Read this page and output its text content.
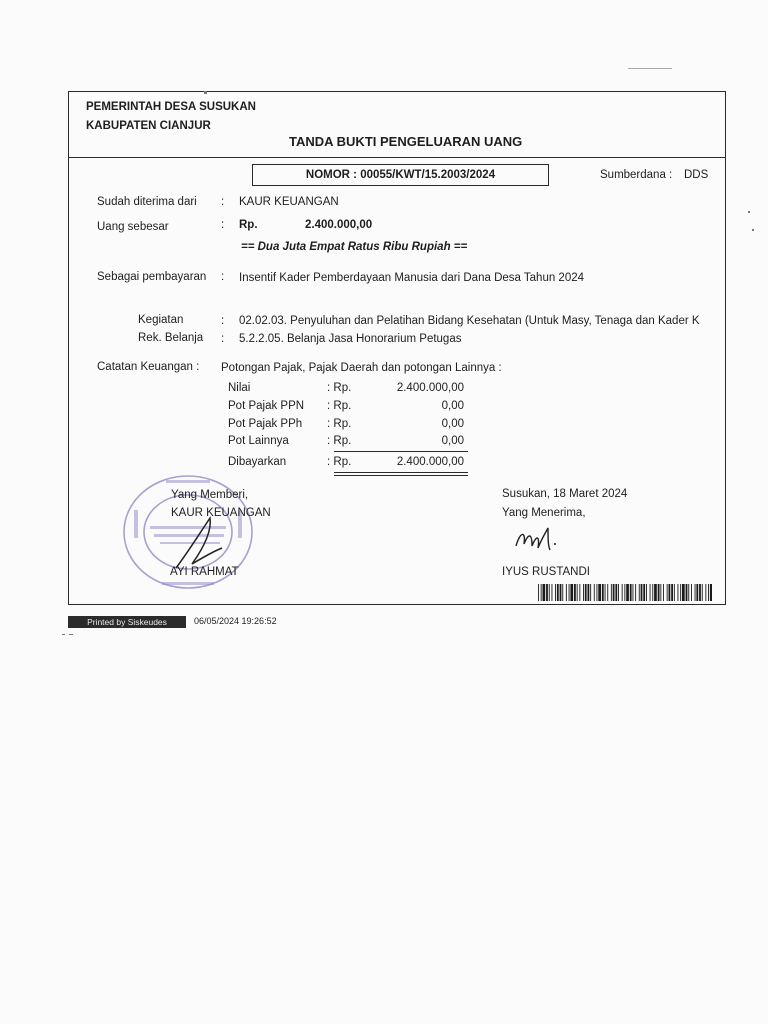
PEMERINTAH DESA SUSUKAN
KABUPATEN CIANJUR
TANDA BUKTI PENGELUARAN UANG
NOMOR : 00055/KWT/15.2003/2024	Sumberdana : DDS
Sudah diterima dari : KAUR KEUANGAN
Uang sebesar	: Rp.	2.400.000,00
== Dua Juta Empat Ratus Ribu Rupiah ==
Sebagai pembayaran : Insentif Kader Pemberdayaan Manusia dari Dana Desa Tahun 2024
Kegiatan	: 02.02.03. Penyuluhan dan Pelatihan Bidang Kesehatan (Untuk Masy, Tenaga dan Kader K
Rek. Belanja : 5.2.2.05. Belanja Jasa Honorarium Petugas
Catatan Keuangan : Potongan Pajak, Pajak Daerah dan potongan Lainnya :
Nilai	: Rp.	2.400.000,00
Pot Pajak PPN : Rp.	0,00
Pot Pajak PPh : Rp.	0,00
Pot Lainnya	: Rp.	0,00
Dibayarkan	: Rp.	2.400.000,00
Yang Memberi,
KAUR KEUANGAN
AYI RAHMAT
Susukan, 18 Maret 2024
Yang Menerima,
IYUS RUSTANDI
Printed by Siskeudes	06/05/2024 19:26:52
